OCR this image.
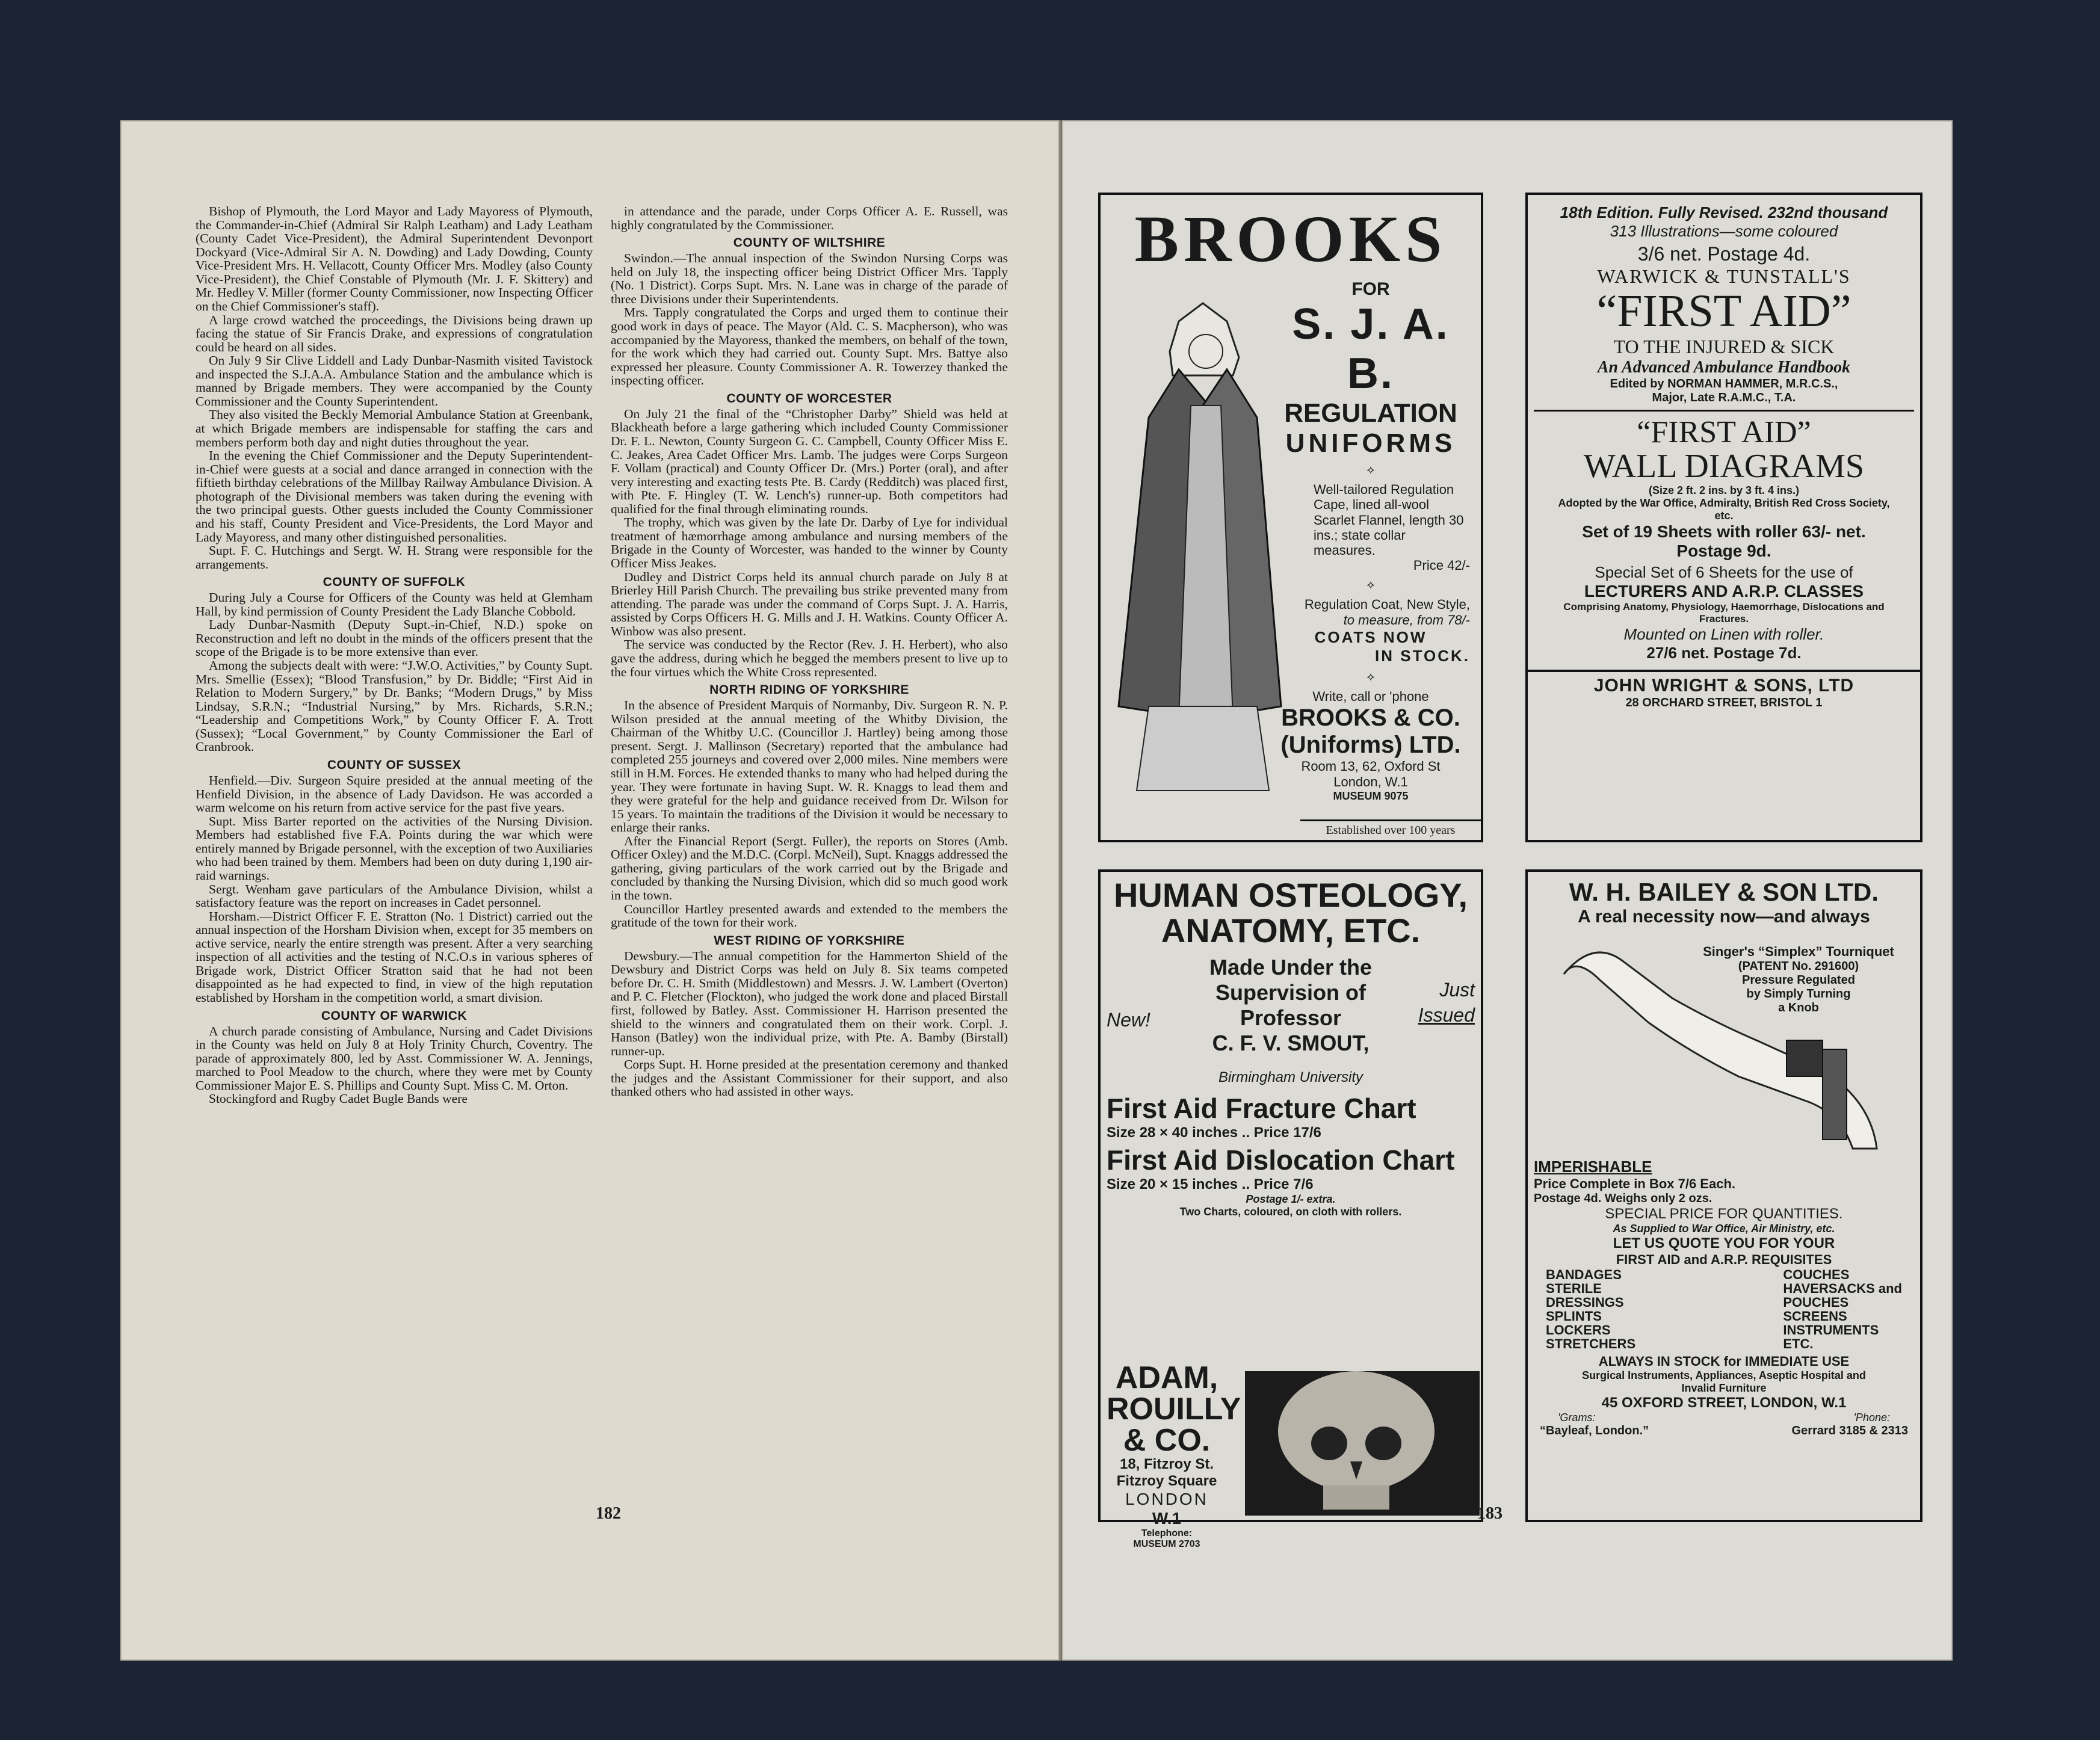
Bishop of Plymouth, the Lord Mayor and Lady Mayoress of Plymouth, the Commander-in-Chief (Admiral Sir Ralph Leatham) and Lady Leatham (County Cadet Vice-President), the Admiral Superintendent Devonport Dockyard (Vice-Admiral Sir A. N. Dowding) and Lady Dowding, County Vice-President Mrs. H. Vellacott, County Officer Mrs. Modley (also County Vice-President), the Chief Constable of Plymouth (Mr. J. F. Skittery) and Mr. Hedley V. Miller (former County Commissioner, now Inspecting Officer on the Chief Commissioner's staff).

A large crowd watched the proceedings, the Divisions being drawn up facing the statue of Sir Francis Drake, and expressions of congratulation could be heard on all sides.

On July 9 Sir Clive Liddell and Lady Dunbar-Nasmith visited Tavistock and inspected the S.J.A.A. Ambulance Station and the ambulance which is manned by Brigade members. They were accompanied by the County Commissioner and the County Superintendent.

They also visited the Beckly Memorial Ambulance Station at Greenbank, at which Brigade members are indispensable for staffing the cars and members perform both day and night duties throughout the year.

In the evening the Chief Commissioner and the Deputy Superintendent-in-Chief were guests at a social and dance arranged in connection with the fiftieth birthday celebrations of the Millbay Railway Ambulance Division. A photograph of the Divisional members was taken during the evening with the two principal guests. Other guests included the County Commissioner and his staff, County President and Vice-Presidents, the Lord Mayor and Lady Mayoress, and many other distinguished personalities.

Supt. F. C. Hutchings and Sergt. W. H. Strang were responsible for the arrangements.

COUNTY OF SUFFOLK

During July a Course for Officers of the County was held at Glemham Hall, by kind permission of County President the Lady Blanche Cobbold.

Lady Dunbar-Nasmith (Deputy Supt.-in-Chief, N.D.) spoke on Reconstruction and left no doubt in the minds of the officers present that the scope of the Brigade is to be more extensive than ever.

Among the subjects dealt with were: “J.W.O. Activities,” by County Supt. Mrs. Smellie (Essex); “Blood Transfusion,” by Dr. Biddle; “First Aid in Relation to Modern Surgery,” by Dr. Banks; “Modern Drugs,” by Miss Lindsay, S.R.N.; “Industrial Nursing,” by Mrs. Richards, S.R.N.; “Leadership and Competitions Work,” by County Officer F. A. Trott (Sussex); “Local Government,” by County Commissioner the Earl of Cranbrook.

COUNTY OF SUSSEX

Henfield.—Div. Surgeon Squire presided at the annual meeting of the Henfield Division, in the absence of Lady Davidson. He was accorded a warm welcome on his return from active service for the past five years.

Supt. Miss Barter reported on the activities of the Nursing Division. Members had established five F.A. Points during the war which were entirely manned by Brigade personnel, with the exception of two Auxiliaries who had been trained by them. Members had been on duty during 1,190 air-raid warnings.

Sergt. Wenham gave particulars of the Ambulance Division, whilst a satisfactory feature was the report on increases in Cadet personnel.

Horsham.—District Officer F. E. Stratton (No. 1 District) carried out the annual inspection of the Horsham Division when, except for 35 members on active service, nearly the entire strength was present. After a very searching inspection of all activities and the testing of N.C.O.s in various spheres of Brigade work, District Officer Stratton said that he had not been disappointed as he had expected to find, in view of the high reputation established by Horsham in the competition world, a smart division.

COUNTY OF WARWICK

A church parade consisting of Ambulance, Nursing and Cadet Divisions in the County was held on July 8 at Holy Trinity Church, Coventry. The parade of approximately 800, led by Asst. Commissioner W. A. Jennings, marched to Pool Meadow to the church, where they were met by County Commissioner Major E. S. Phillips and County Supt. Miss C. M. Orton.

Stockingford and Rugby Cadet Bugle Bands were

in attendance and the parade, under Corps Officer A. E. Russell, was highly congratulated by the Commissioner.

COUNTY OF WILTSHIRE

Swindon.—The annual inspection of the Swindon Nursing Corps was held on July 18, the inspecting officer being District Officer Mrs. Tapply (No. 1 District). Corps Supt. Mrs. N. Lane was in charge of the parade of three Divisions under their Superintendents.

Mrs. Tapply congratulated the Corps and urged them to continue their good work in days of peace. The Mayor (Ald. C. S. Macpherson), who was accompanied by the Mayoress, thanked the members, on behalf of the town, for the work which they had carried out. County Supt. Mrs. Battye also expressed her pleasure. County Commissioner A. R. Towerzey thanked the inspecting officer.

COUNTY OF WORCESTER

On July 21 the final of the “Christopher Darby” Shield was held at Blackheath before a large gathering which included County Commissioner Dr. F. L. Newton, County Surgeon G. C. Campbell, County Officer Miss E. C. Jeakes, Area Cadet Officer Mrs. Lamb. The judges were Corps Surgeon F. Vollam (practical) and County Officer Dr. (Mrs.) Porter (oral), and after very interesting and exacting tests Pte. B. Cardy (Redditch) was placed first, with Pte. F. Hingley (T. W. Lench's) runner-up. Both competitors had qualified for the final through eliminating rounds.

The trophy, which was given by the late Dr. Darby of Lye for individual treatment of hæmorrhage among ambulance and nursing members of the Brigade in the County of Worcester, was handed to the winner by County Officer Miss Jeakes.

Dudley and District Corps held its annual church parade on July 8 at Brierley Hill Parish Church. The prevailing bus strike prevented many from attending. The parade was under the command of Corps Supt. J. A. Harris, assisted by Corps Officers H. G. Mills and J. H. Watkins. County Officer A. Winbow was also present.

The service was conducted by the Rector (Rev. J. H. Herbert), who also gave the address, during which he begged the members present to live up to the four virtues which the White Cross represented.

NORTH RIDING OF YORKSHIRE

In the absence of President Marquis of Normanby, Div. Surgeon R. N. P. Wilson presided at the annual meeting of the Whitby Division, the Chairman of the Whitby U.C. (Councillor J. Hartley) being among those present. Sergt. J. Mallinson (Secretary) reported that the ambulance had completed 255 journeys and covered over 2,000 miles. Nine members were still in H.M. Forces. He extended thanks to many who had helped during the year. They were fortunate in having Supt. W. R. Knaggs to lead them and they were grateful for the help and guidance received from Dr. Wilson for 15 years. To maintain the traditions of the Division it would be necessary to enlarge their ranks.

After the Financial Report (Sergt. Fuller), the reports on Stores (Amb. Officer Oxley) and the M.D.C. (Corpl. McNeil), Supt. Knaggs addressed the gathering, giving particulars of the work carried out by the Brigade and concluded by thanking the Nursing Division, which did so much good work in the town.

Councillor Hartley presented awards and extended to the members the gratitude of the town for their work.

WEST RIDING OF YORKSHIRE

Dewsbury.—The annual competition for the Hammerton Shield of the Dewsbury and District Corps was held on July 8. Six teams competed before Dr. C. H. Smith (Middlestown) and Messrs. J. W. Lambert (Overton) and P. C. Fletcher (Flockton), who judged the work done and placed Birstall first, followed by Batley. Asst. Commissioner H. Harrison presented the shield to the winners and congratulated them on their work. Corpl. J. Hanson (Batley) won the individual prize, with Pte. A. Bamby (Birstall) runner-up.

Corps Supt. H. Horne presided at the presentation ceremony and thanked the judges and the Assistant Commissioner for their support, and also thanked others who had assisted in other ways.

182
BROOKS
FOR
S. J. A. B.
REGULATION
UNIFORMS
⟡
Well-tailored Regulation Cape, lined all-wool Scarlet Flannel, length 30 ins.; state collar measures.
Price 42/-
⟡
Regulation Coat, New Style,
to measure, from 78/-
COATS NOW
IN STOCK.
⟡
Write, call or 'phone
BROOKS & CO.
(Uniforms) LTD.
Room 13, 62, Oxford St
London, W.1
MUSEUM 9075
Established over 100 years
18th Edition. Fully Revised. 232nd thousand
313 Illustrations—some coloured
3/6 net. Postage 4d.
WARWICK & TUNSTALL'S
“FIRST AID”
TO THE INJURED & SICK
An Advanced Ambulance Handbook
Edited by NORMAN HAMMER, M.R.C.S.,
Major, Late R.A.M.C., T.A.
“FIRST AID”
WALL DIAGRAMS
(Size 2 ft. 2 ins. by 3 ft. 4 ins.)
Adopted by the War Office, Admiralty, British Red Cross Society, etc.
Set of 19 Sheets with roller 63/- net.
Postage 9d.
Special Set of 6 Sheets for the use of
LECTURERS AND A.R.P. CLASSES
Comprising Anatomy, Physiology, Haemorrhage, Dislocations and Fractures.
Mounted on Linen with roller.
27/6 net. Postage 7d.
JOHN WRIGHT & SONS, LTD
28 ORCHARD STREET, BRISTOL 1
HUMAN OSTEOLOGY,
ANATOMY, ETC.
New!
Just
Issued
Made Under the
Supervision of
Professor
C. F. V. SMOUT,
Birmingham University
First Aid Fracture Chart
Size 28 × 40 inches .. Price 17/6
First Aid Dislocation Chart
Size 20 × 15 inches .. Price 7/6
Postage 1/- extra.
Two Charts, coloured, on cloth with rollers.
ADAM,
ROUILLY
& CO.
18, Fitzroy St.
Fitzroy Square
LONDON
W.1
Telephone:
MUSEUM 2703
W. H. BAILEY & SON LTD.
A real necessity now—and always
Singer's “Simplex” Tourniquet
(PATENT No. 291600)
Pressure Regulated
by Simply Turning
a Knob
IMPERISHABLE
Price Complete in Box 7/6 Each.
Postage 4d. Weighs only 2 ozs.
SPECIAL PRICE FOR QUANTITIES.
As Supplied to War Office, Air Ministry, etc.
LET US QUOTE YOU FOR YOUR
FIRST AID and A.R.P. REQUISITES
BANDAGES
STERILE
DRESSINGS
SPLINTS
LOCKERS
STRETCHERS
COUCHES
HAVERSACKS and
POUCHES
SCREENS
INSTRUMENTS
ETC.
ALWAYS IN STOCK for IMMEDIATE USE
Surgical Instruments, Appliances, Aseptic Hospital and Invalid Furniture
45 OXFORD STREET, LONDON, W.1
'Grams:	'Phone:
“Bayleaf, London.”	Gerrard 3185 & 2313
183
